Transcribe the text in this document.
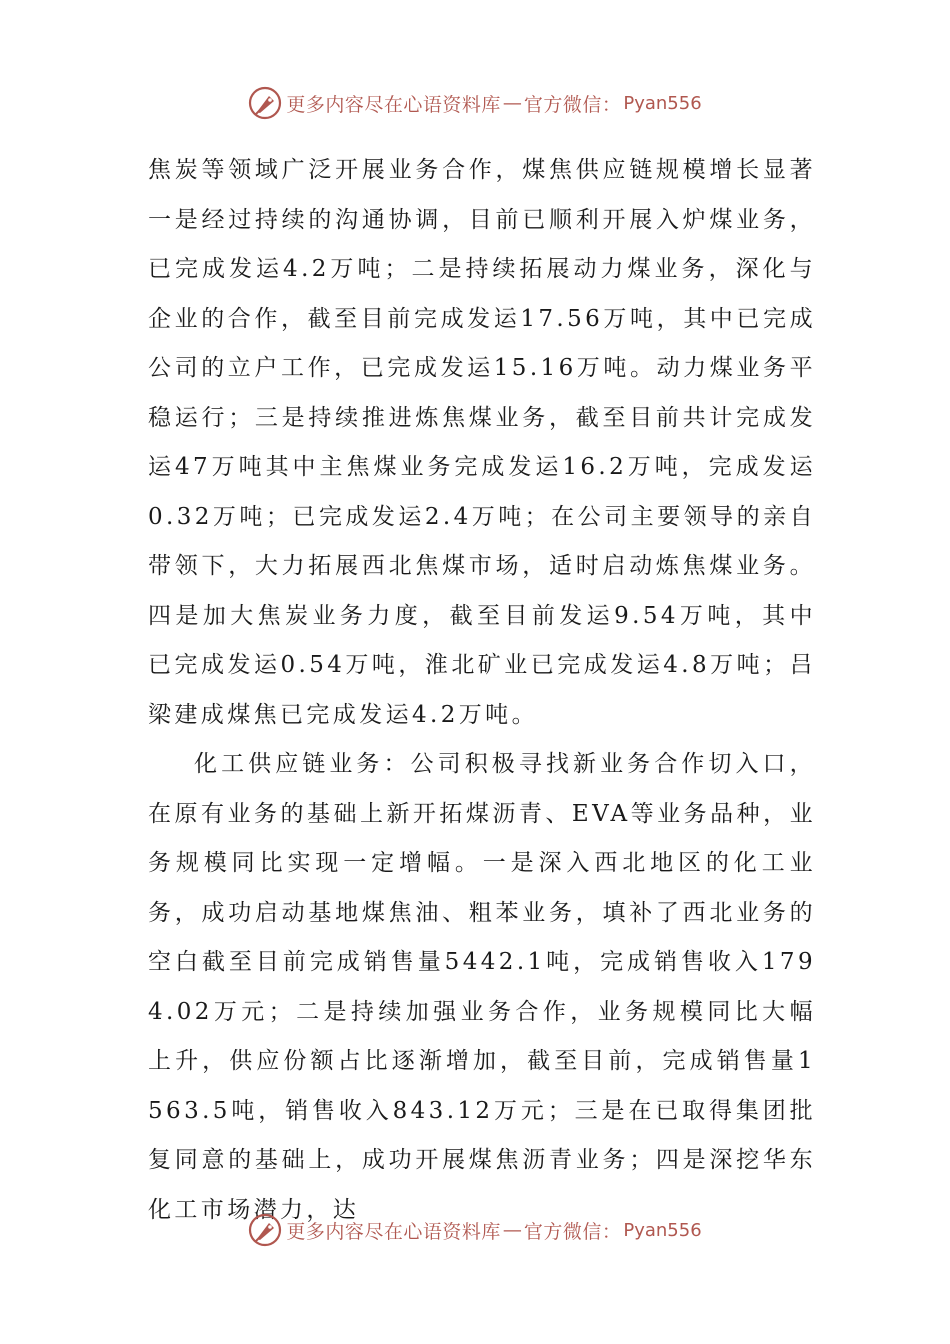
更多内容尽在心语资料库 — 官方微信： Pyan556

焦炭等领域广泛开展业务合作，煤焦供应链规模增长显著一是经过持续的沟通协调，目前已顺利开展入炉煤业务，已完成发运4.2万吨；二是持续拓展动力煤业务，深化与企业的合作，截至目前完成发运17.56万吨，其中已完成公司的立户工作，已完成发运15.16万吨。动力煤业务平稳运行；三是持续推进炼焦煤业务，截至目前共计完成发运47万吨其中主焦煤业务完成发运16.2万吨，完成发运0.32万吨；已完成发运2.4万吨；在公司主要领导的亲自带领下，大力拓展西北焦煤市场，适时启动炼焦煤业务。四是加大焦炭业务力度，截至目前发运9.54万吨，其中已完成发运0.54万吨，淮北矿业已完成发运4.8万吨；吕梁建成煤焦已完成发运4.2万吨。

化工供应链业务：公司积极寻找新业务合作切入口，在原有业务的基础上新开拓煤沥青、EVA等业务品种，业务规模同比实现一定增幅。一是深入西北地区的化工业务，成功启动基地煤焦油、粗苯业务，填补了西北业务的空白截至目前完成销售量5442.1吨，完成销售收入1794.02万元；二是持续加强业务合作，业务规模同比大幅上升，供应份额占比逐渐增加，截至目前，完成销售量1563.5吨，销售收入843.12万元；三是在已取得集团批复同意的基础上，成功开展煤焦沥青业务；四是深挖华东化工市场潜力，达

更多内容尽在心语资料库 — 官方微信： Pyan556
